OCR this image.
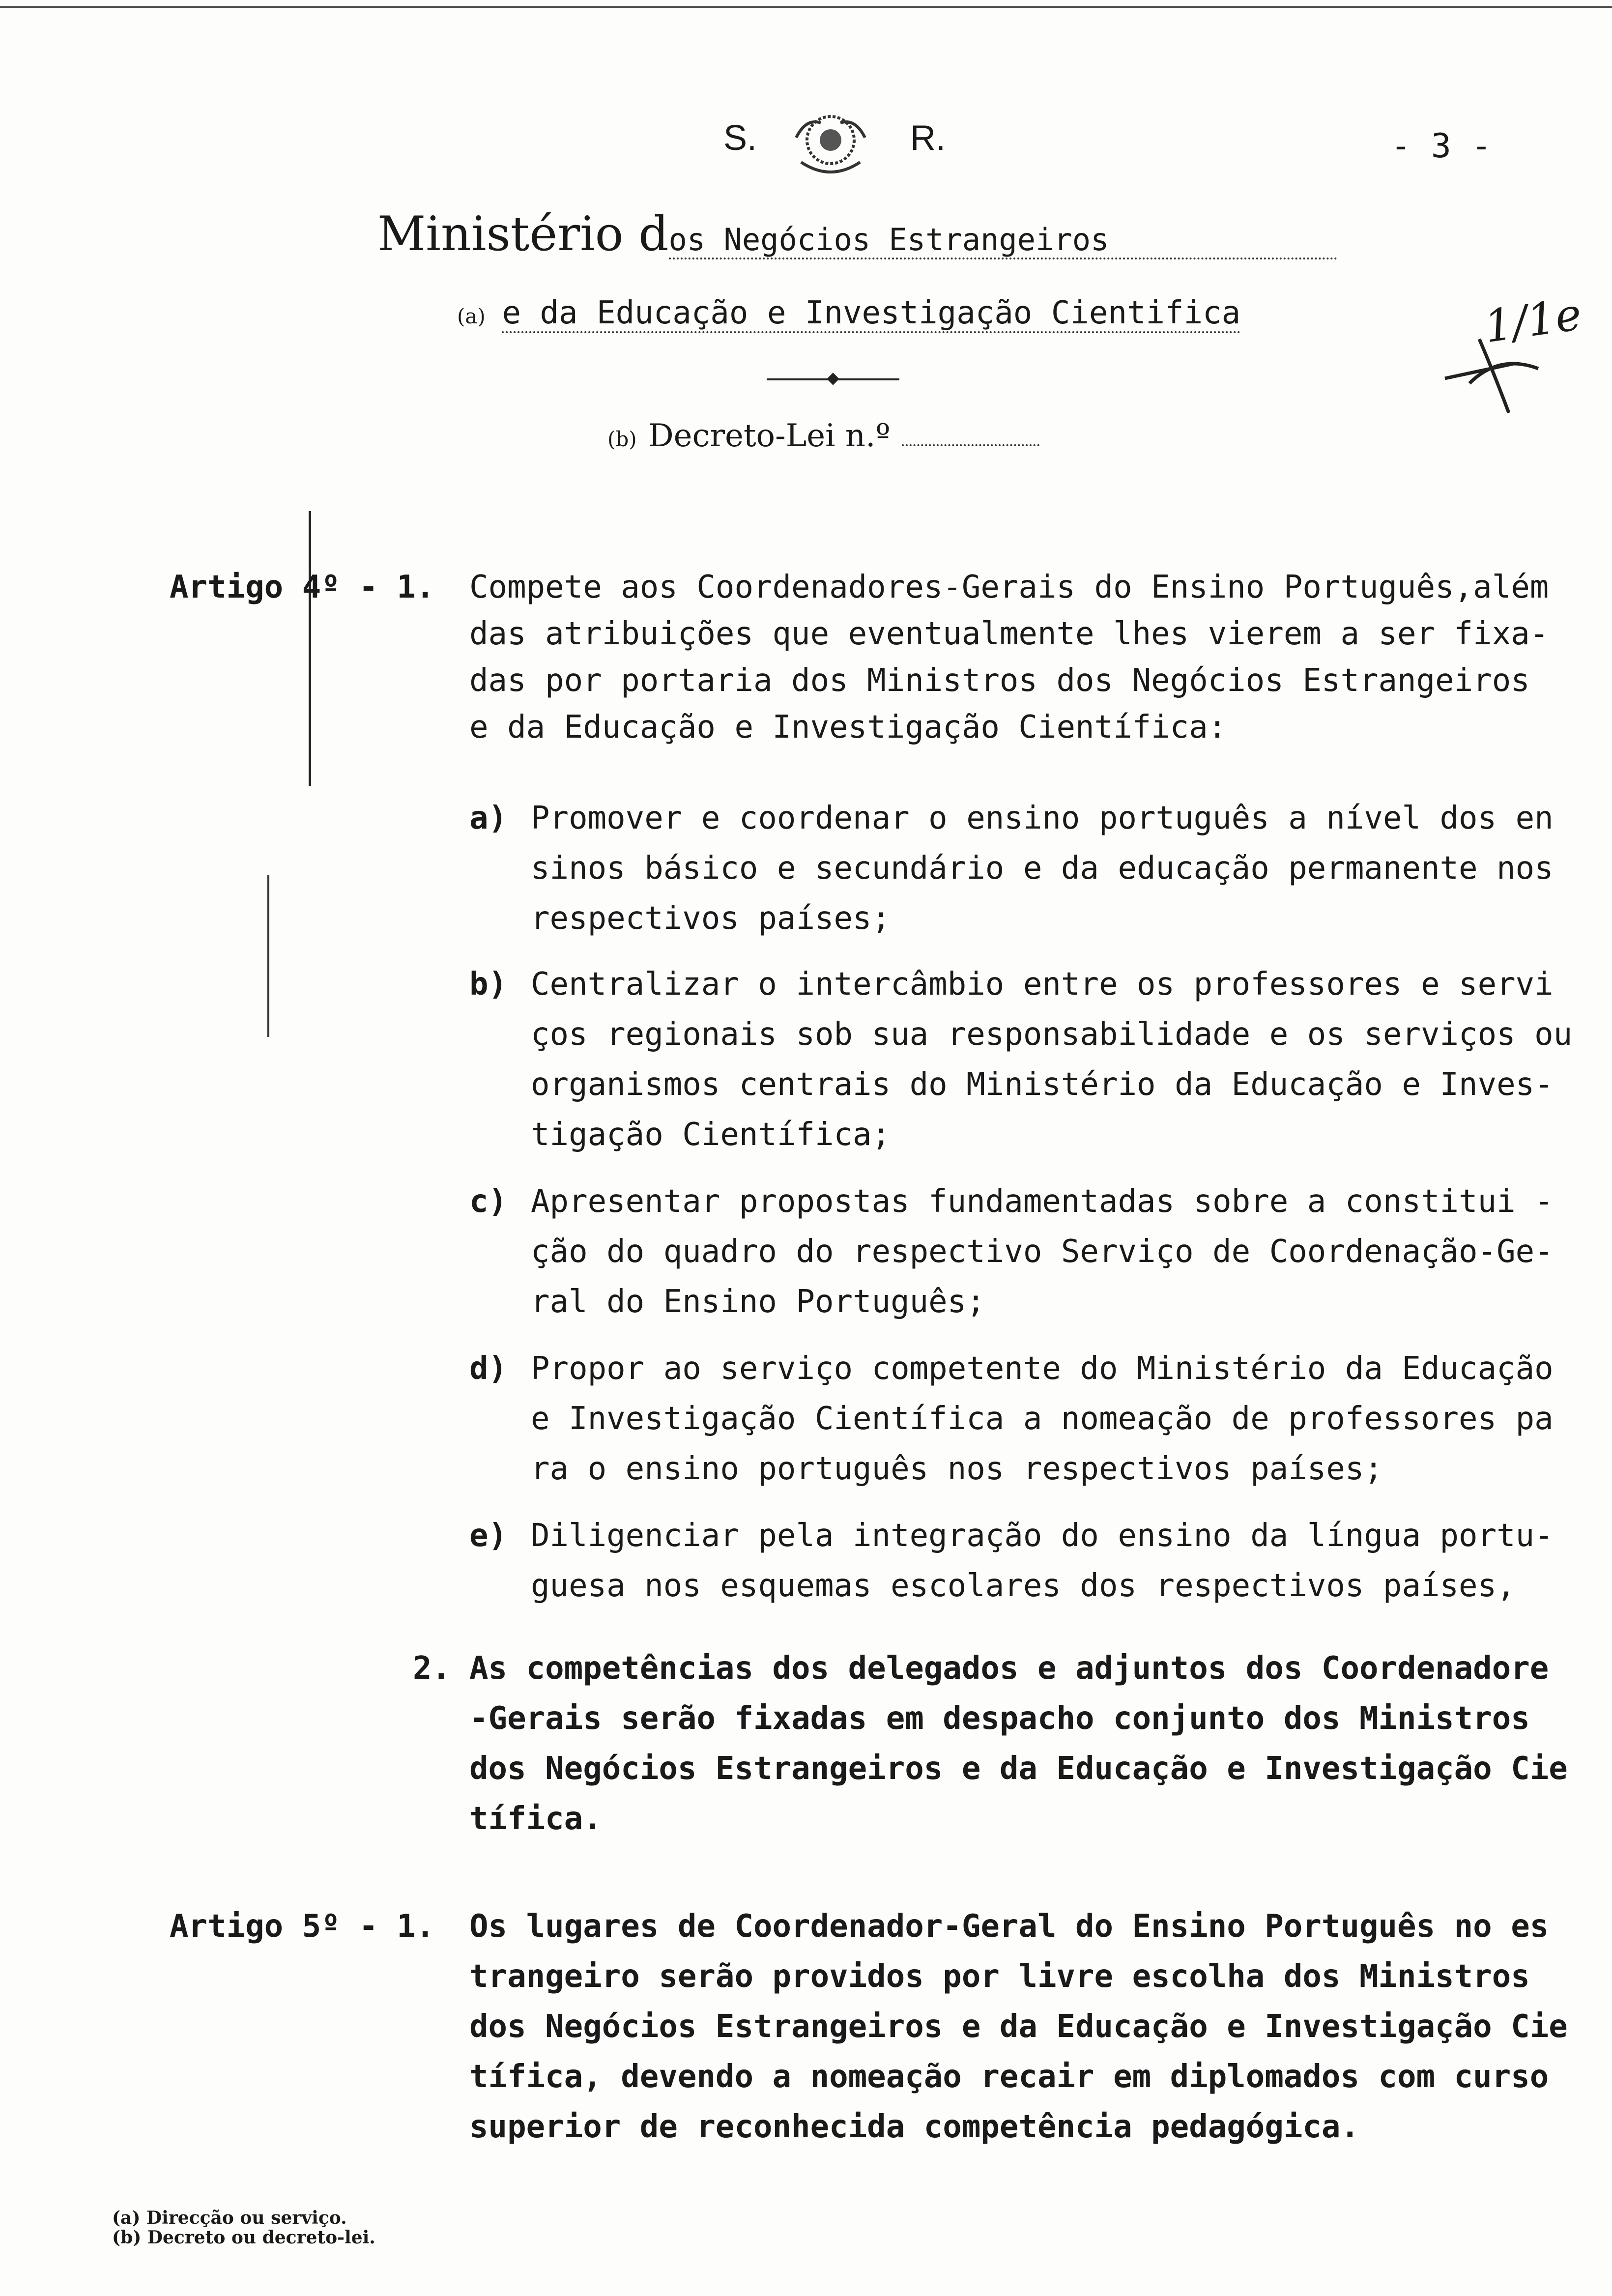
S.	R.	- 3 -
Ministério dos Negócios Estrangeiros
(a) e da Educação e Investigação Cientifica
(b) Decreto-Lei n.º
1/1e
Artigo 4º - 1. Compete aos Coordenadores-Gerais do Ensino Português,além
das atribuições que eventualmente lhes vierem a ser fixa-
das por portaria dos Ministros dos Negócios Estrangeiros
e da Educação e Investigação Científica:
a) Promover e coordenar o ensino português a nível dos en
sinos básico e secundário e da educação permanente nos
respectivos países;
b) Centralizar o intercâmbio entre os professores e servi
ços regionais sob sua responsabilidade e os serviços ou
organismos centrais do Ministério da Educação e Inves-
tigação Científica;
c) Apresentar propostas fundamentadas sobre a constitui -
ção do quadro do respectivo Serviço de Coordenação-Ge-
ral do Ensino Português;
d) Propor ao serviço competente do Ministério da Educação
e Investigação Científica a nomeação de professores pa
ra o ensino português nos respectivos países;
e) Diligenciar pela integração do ensino da língua portu-
guesa nos esquemas escolares dos respectivos países,
2. As competências dos delegados e adjuntos dos Coordenadore
-Gerais serão fixadas em despacho conjunto dos Ministros
dos Negócios Estrangeiros e da Educação e Investigação Cie
tífica.
Artigo 5º - 1. Os lugares de Coordenador-Geral do Ensino Português no es
trangeiro serão providos por livre escolha dos Ministros
dos Negócios Estrangeiros e da Educação e Investigação Cie
tífica, devendo a nomeação recair em diplomados com curso
superior de reconhecida competência pedagógica.
(a) Direcção ou serviço.
(b) Decreto ou decreto-lei.
